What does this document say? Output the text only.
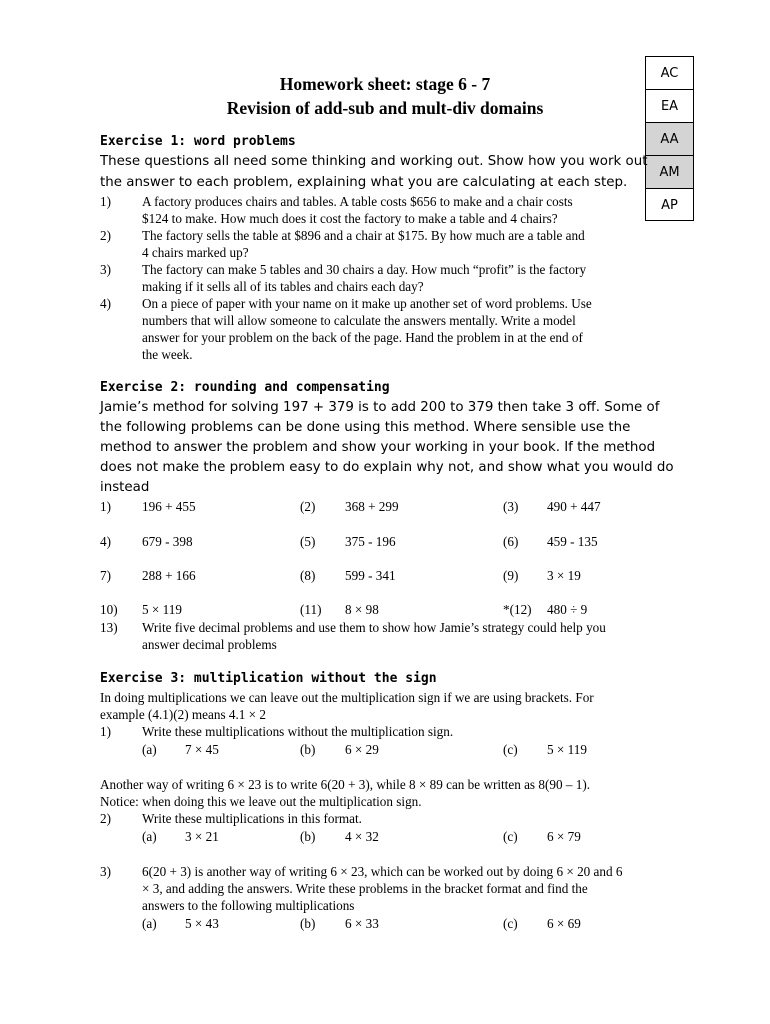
Homework sheet: stage 6 - 7
Revision of add-sub and mult-div domains
AC
EA
AA
AM
AP
Exercise 1: word problems
These questions all need some thinking and working out. Show how you work out
the answer to each problem, explaining what you are calculating at each step.
1) A factory produces chairs and tables. A table costs $656 to make and a chair costs
$124 to make. How much does it cost the factory to make a table and 4 chairs?
2) The factory sells the table at $896 and a chair at $175. By how much are a table and
4 chairs marked up?
3) The factory can make 5 tables and 30 chairs a day. How much “profit” is the factory
making if it sells all of its tables and chairs each day?
4) On a piece of paper with your name on it make up another set of word problems. Use
numbers that will allow someone to calculate the answers mentally. Write a model
answer for your problem on the back of the page. Hand the problem in at the end of
the week.
Exercise 2: rounding and compensating
Jamie’s method for solving 197 + 379 is to add 200 to 379 then take 3 off. Some of
the following problems can be done using this method. Where sensible use the
method to answer the problem and show your working in your book. If the method
does not make the problem easy to do explain why not, and show what you would do
instead
1) 196 + 455	(2) 368 + 299	(3) 490 + 447
4) 679 - 398	(5) 375 - 196	(6) 459 - 135
7) 288 + 166	(8) 599 - 341	(9) 3 × 19
10) 5 × 119	(11) 8 × 98	*(12) 480 ÷ 9
13) Write five decimal problems and use them to show how Jamie’s strategy could help you
answer decimal problems
Exercise 3: multiplication without the sign
In doing multiplications we can leave out the multiplication sign if we are using brackets. For
example (4.1)(2) means 4.1 × 2
1) Write these multiplications without the multiplication sign.
(a) 7 × 45	(b) 6 × 29	(c) 5 × 119
Another way of writing 6 × 23 is to write 6(20 + 3), while 8 × 89 can be written as 8(90 – 1).
Notice: when doing this we leave out the multiplication sign.
2) Write these multiplications in this format.
(a) 3 × 21	(b) 4 × 32	(c) 6 × 79
3) 6(20 + 3) is another way of writing 6 × 23, which can be worked out by doing 6 × 20 and 6
× 3, and adding the answers. Write these problems in the bracket format and find the
answers to the following multiplications
(a) 5 × 43	(b) 6 × 33	(c) 6 × 69
